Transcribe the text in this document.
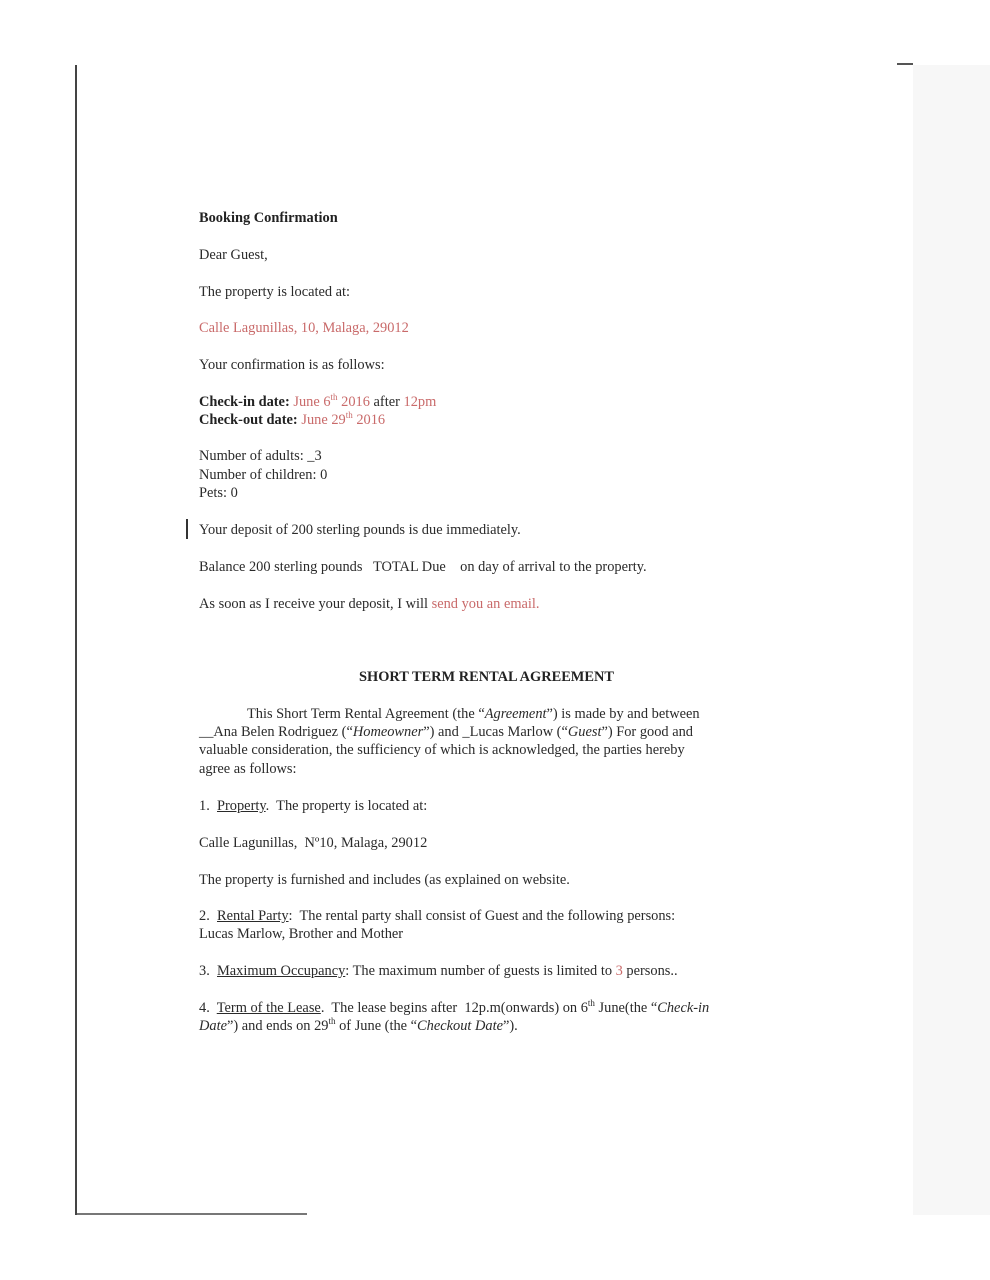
Booking Confirmation
Dear Guest,
The property is located at:
Calle Lagunillas, 10, Malaga, 29012
Your confirmation is as follows:
Check-in date: June 6th 2016 after 12pm
Check-out date: June 29th 2016
Number of adults: _3
Number of children: 0
Pets: 0
Your deposit of 200 sterling pounds is due immediately.
Balance 200 sterling pounds   TOTAL Due    on day of arrival to the property.
As soon as I receive your deposit, I will send you an email.
SHORT TERM RENTAL AGREEMENT
This Short Term Rental Agreement (the “Agreement”) is made by and between
__Ana Belen Rodriguez (“Homeowner”) and _Lucas Marlow (“Guest”) For good and
valuable consideration, the sufficiency of which is acknowledged, the parties hereby
agree as follows:
1.  Property.  The property is located at:
Calle Lagunillas,  Nº10, Malaga, 29012
The property is furnished and includes (as explained on website.
2.  Rental Party:  The rental party shall consist of Guest and the following persons:
Lucas Marlow, Brother and Mother
3.  Maximum Occupancy: The maximum number of guests is limited to 3 persons..
4.  Term of the Lease.  The lease begins after  12p.m(onwards) on 6th June(the “Check-in
Date”) and ends on 29th of June (the “Checkout Date”).
